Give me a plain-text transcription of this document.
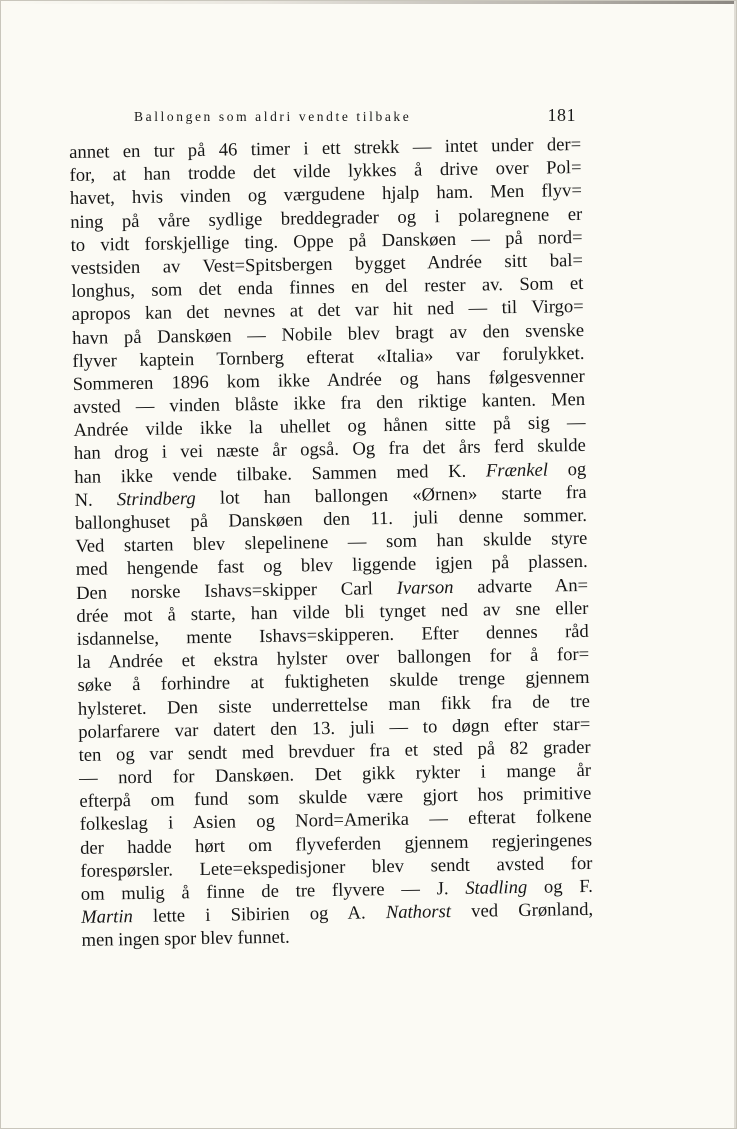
Ballongen som aldri vendte tilbake	181
annet en tur på 46 timer i ett strekk — intet under der=
for, at han trodde det vilde lykkes å drive over Pol=
havet, hvis vinden og værgudene hjalp ham. Men flyv=
ning på våre sydlige breddegrader og i polaregnene er
to vidt forskjellige ting. Oppe på Danskøen — på nord=
vestsiden av Vest=Spitsbergen bygget Andrée sitt bal=
longhus, som det enda finnes en del rester av. Som et
apropos kan det nevnes at det var hit ned — til Virgo=
havn på Danskøen — Nobile blev bragt av den svenske
flyver kaptein Tornberg efterat «Italia» var forulykket.
Sommeren 1896 kom ikke Andrée og hans følgesvenner
avsted — vinden blåste ikke fra den riktige kanten. Men
Andrée vilde ikke la uhellet og hånen sitte på sig —
han drog i vei næste år også. Og fra det års ferd skulde
han ikke vende tilbake. Sammen med K. Frænkel og
N. Strindberg lot han ballongen «Ørnen» starte fra
ballonghuset på Danskøen den 11. juli denne sommer.
Ved starten blev slepelinene — som han skulde styre
med hengende fast og blev liggende igjen på plassen.
Den norske Ishavs=skipper Carl Ivarson advarte An=
drée mot å starte, han vilde bli tynget ned av sne eller
isdannelse, mente Ishavs=skipperen. Efter dennes råd
la Andrée et ekstra hylster over ballongen for å for=
søke å forhindre at fuktigheten skulde trenge gjennem
hylsteret. Den siste underrettelse man fikk fra de tre
polarfarere var datert den 13. juli — to døgn efter star=
ten og var sendt med brevduer fra et sted på 82 grader
— nord for Danskøen. Det gikk rykter i mange år
efterpå om fund som skulde være gjort hos primitive
folkeslag i Asien og Nord=Amerika — efterat folkene
der hadde hørt om flyveferden gjennem regjeringenes
forespørsler. Lete=ekspedisjoner blev sendt avsted for
om mulig å finne de tre flyvere — J. Stadling og F.
Martin lette i Sibirien og A. Nathorst ved Grønland,
men ingen spor blev funnet.
